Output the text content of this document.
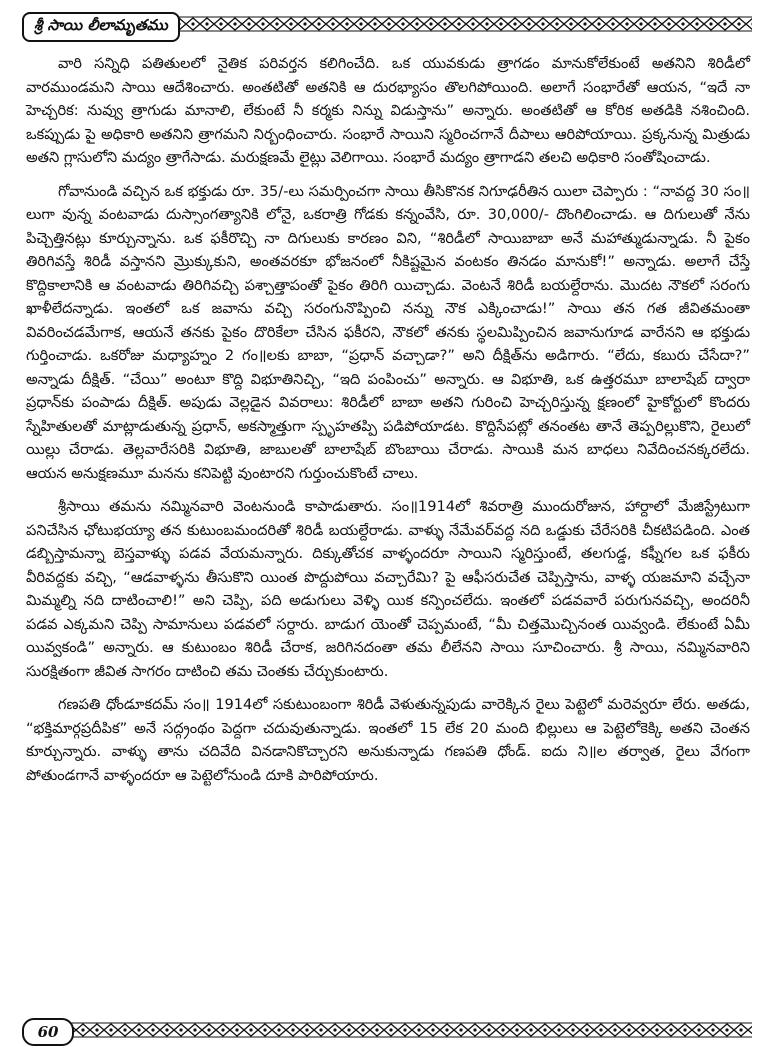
శ్రీ సాయి లీలామృతము

వారి సన్నిధి పతితులలో నైతిక పరివర్తన కలిగించేది. ఒక యువకుడు త్రాగడం మానుకోలేకుంటే అతనిని శిరిడీలో వారముండమని సాయి ఆదేశించారు. అంతటితో అతనికి ఆ దురభ్యాసం తొలగిపోయింది. అలాగే సంభారేతో ఆయన, “ఇదే నా హెచ్చరిక: నువ్వు త్రాగుడు మానాలి, లేకుంటే నీ కర్మకు నిన్ను విడుస్తాను” అన్నారు. అంతటితో ఆ కోరిక అతడికి నశించింది. ఒకప్పుడు పై అధికారి అతనిని త్రాగమని నిర్బంధించారు. సంభారే సాయిని స్మరించగానే దీపాలు ఆరిపోయాయి. ప్రక్కనున్న మిత్రుడు అతని గ్లాసులోని మద్యం త్రాగేసాడు. మరుక్షణమే లైట్లు వెలిగాయి. సంభారే మద్యం త్రాగాడని తలచి అధికారి సంతోషించాడు.

గోవానుండి వచ్చిన ఒక భక్తుడు రూ. 35/-లు సమర్పించగా సాయి తీసికొనక నిగూఢరీతిన యిలా చెప్పారు : “నావద్ద 30 సం॥లుగా వున్న వంటవాడు దుస్సాంగత్యానికి లోనై, ఒకరాత్రి గోడకు కన్నంవేసి, రూ. 30,000/- దొంగిలించాడు. ఆ దిగులుతో నేను పిచ్చెత్తినట్లు కూర్చున్నాను. ఒక ఫకీరొచ్చి నా దిగులుకు కారణం విని, “శిరిడీలో సాయిబాబా అనే మహాత్ముడున్నాడు. నీ పైకం తిరిగివస్తే శిరిడీ వస్తానని మ్రొక్కుకుని, అంతవరకూ భోజనంలో నీకిష్టమైన వంటకం తినడం మానుకో!” అన్నాడు. అలాగే చేస్తే కొద్దికాలానికి ఆ వంటవాడు తిరిగివచ్చి పశ్చాత్తాపంతో పైకం తిరిగి యిచ్చాడు. వెంటనే శిరిడీ బయల్దేరాను. మొదట నౌకలో సరంగు ఖాళీలేదన్నాడు. ఇంతలో ఒక జవాను వచ్చి సరంగునొప్పించి నన్ను నౌక ఎక్కించాడు!” సాయి తన గత జీవితమంతా వివరించడమేగాక, ఆయనే తనకు పైకం దొరికేలా చేసిన ఫకీరని, నౌకలో తనకు స్థలమిప్పించిన జవానుగూడ వారేనని ఆ భక్తుడు గుర్తించాడు. ఒకరోజు మధ్యాహ్నం 2 గం॥లకు బాబా, “ప్రధాన్ వచ్చాడా?” అని దీక్షిత్‌ను అడిగారు. “లేదు, కబురు చేసేదా?” అన్నాడు దీక్షిత్. “చేయి” అంటూ కొద్ది విభూతినిచ్చి, “ఇది పంపించు” అన్నారు. ఆ విభూతి, ఒక ఉత్తరమూ బాలాషేబ్ ద్వారా ప్రధాన్‌కు పంపాడు దీక్షిత్. అపుడు వెల్లడైన వివరాలు: శిరిడీలో బాబా అతని గురించి హెచ్చరిస్తున్న క్షణంలో హైకోర్టులో కొందరు స్నేహితులతో మాట్లాడుతున్న ప్రధాన్, అకస్మాత్తుగా స్పృహతప్పి పడిపోయాడట. కొద్దిసేపట్లో తనంతట తానే తెప్పరిల్లుకొని, రైలులో యిల్లు చేరాడు. తెల్లవారేసరికి విభూతి, జాబులతో బాలాషేబ్ బొంబాయి చేరాడు. సాయికి మన బాధలు నివేదించనక్కరలేదు. ఆయన అనుక్షణమూ మనను కనిపెట్టి వుంటారని గుర్తుంచుకొంటే చాలు.

శ్రీసాయి తమను నమ్మినవారి వెంటనుండి కాపాడుతారు. సం॥1914లో శివరాత్రి ముందురోజున, హార్దాలో మేజిస్ట్రేటుగా పనిచేసిన ఛోటుభయ్యా తన కుటుంబమందరితో శిరిడీ బయల్దేరాడు. వాళ్ళు నేమేవర్‌వద్ద నది ఒడ్డుకు చేరేసరికి చీకటిపడింది. ఎంత డబ్బిస్తామన్నా బెస్తవాళ్ళు పడవ వేయమన్నారు. దిక్కుతోచక వాళ్ళందరూ సాయిని స్మరిస్తుంటే, తలగుడ్డ, కఫ్నీగల ఒక ఫకీరు వీరివద్దకు వచ్చి, “ఆడవాళ్ళను తీసుకొని యింత పొద్దుపోయి వచ్చారేమి? పై ఆఫీసరుచేత చెప్పిస్తాను, వాళ్ళ యజమాని వచ్చేనా మిమ్మల్ని నది దాటించాలి!” అని చెప్పి, పది అడుగులు వెళ్ళి యిక కన్పించలేదు. ఇంతలో పడవవారే పరుగునవచ్చి, అందరినీ పడవ ఎక్కమని చెప్పి సామానులు పడవలో సర్దారు. బాడుగ యెంతో చెప్పమంటే, “మీ చిత్తమొచ్చినంత యివ్వండి. లేకుంటే ఏమీ యివ్వకండి” అన్నారు. ఆ కుటుంబం శిరిడీ చేరాక, జరిగినదంతా తమ లీలేనని సాయి సూచించారు. శ్రీ సాయి, నమ్మినవారిని సురక్షితంగా జీవిత సాగరం దాటించి తమ చెంతకు చేర్చుకుంటారు.

గణపతి ధోండూకదమ్ సం॥ 1914లో సకుటుంబంగా శిరిడీ వెళుతున్నపుడు వారెక్కిన రైలు పెట్టెలో మరెవ్వరూ లేరు. అతడు, “భక్తిమార్గప్రదీపిక” అనే సద్గ్రంథం పెద్దగా చదువుతున్నాడు. ఇంతలో 15 లేక 20 మంది భిల్లులు ఆ పెట్టెలోకెక్కి అతని చెంతన కూర్చున్నారు. వాళ్ళు తాను చదివేది వినడానికొచ్చారని అనుకున్నాడు గణపతి ధోండ్. ఐదు ని॥ల తర్వాత, రైలు వేగంగా పోతుండగానే వాళ్ళందరూ ఆ పెట్టెలోనుండి దూకి పారిపోయారు.

60
